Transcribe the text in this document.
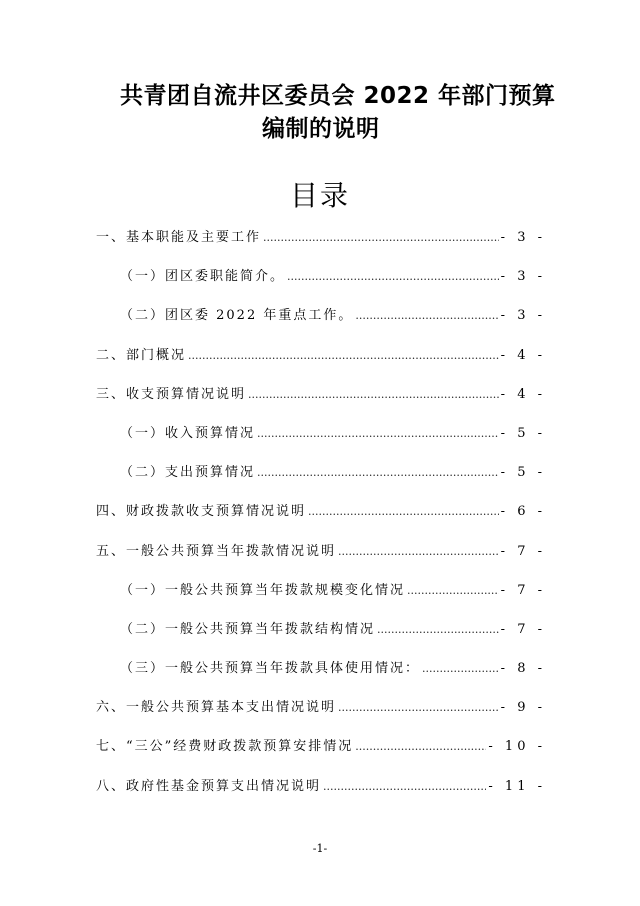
共青团自流井区委员会 2022 年部门预算
编制的说明
目录
一、基本职能及主要工作 .....	- 3 -
（一）团区委职能简介。 .....	- 3 -
（二）团区委 2022 年重点工作。 .....	- 3 -
二、部门概况 .....	- 4 -
三、收支预算情况说明 .....	- 4 -
（一）收入预算情况 .....	- 5 -
（二）支出预算情况 .....	- 5 -
四、财政拨款收支预算情况说明 .....	- 6 -
五、一般公共预算当年拨款情况说明 .....	- 7 -
（一）一般公共预算当年拨款规模变化情况 .....	- 7 -
（二）一般公共预算当年拨款结构情况 .....	- 7 -
（三）一般公共预算当年拨款具体使用情况： .....	- 8 -
六、一般公共预算基本支出情况说明 .....	- 9 -
七、“三公”经费财政拨款预算安排情况 .....	- 10 -
八、政府性基金预算支出情况说明 .....	- 11 -
-1-
